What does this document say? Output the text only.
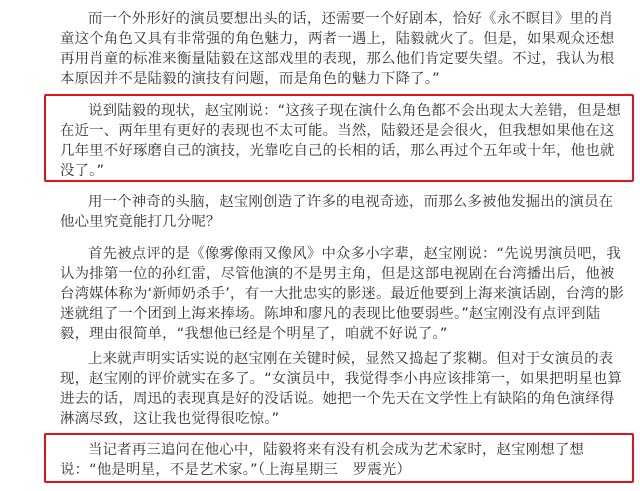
而一个外形好的演员要想出头的话，还需要一个好剧本，恰好《永不瞑目》里的肖童这个角色又具有非常强的角色魅力，两者一遇上，陆毅就火了。但是，如果观众还想再用肖童的标准来衡量陆毅在这部戏里的表现，那么他们肯定要失望。不过，我认为根本原因并不是陆毅的演技有问题，而是角色的魅力下降了。”

说到陆毅的现状，赵宝刚说：“这孩子现在演什么角色都不会出现太大差错，但是想在近一、两年里有更好的表现也不太可能。当然，陆毅还是会很火，但我想如果他在这几年里不好琢磨自己的演技，光靠吃自己的长相的话，那么再过个五年或十年，他也就没了。”

用一个神奇的头脑，赵宝刚创造了许多的电视奇迹，而那么多被他发掘出的演员在他心里究竟能打几分呢？

首先被点评的是《像雾像雨又像风》中众多小字辈，赵宝刚说：“先说男演员吧，我认为排第一位的孙红雷，尽管他演的不是男主角，但是这部电视剧在台湾播出后，他被台湾媒体称为‘新师奶杀手’，有一大批忠实的影迷。最近他要到上海来演话剧，台湾的影迷就组了一个团到上海来捧场。陈坤和廖凡的表现比他要弱些。”赵宝刚没有点评到陆毅，理由很简单，“我想他已经是个明星了，咱就不好说了。”

上来就声明实话实说的赵宝刚在关键时候，显然又捣起了浆糊。但对于女演员的表现，赵宝刚的评价就实在多了。“女演员中，我觉得李小冉应该排第一，如果把明星也算进去的话，周迅的表现真是好的没话说。她把一个先天在文学性上有缺陷的角色演绎得淋漓尽致，这让我也觉得很吃惊。”

当记者再三追问在他心中，陆毅将来有没有机会成为艺术家时，赵宝刚想了想说：“他是明星，不是艺术家。”（上海星期三　罗震光）
